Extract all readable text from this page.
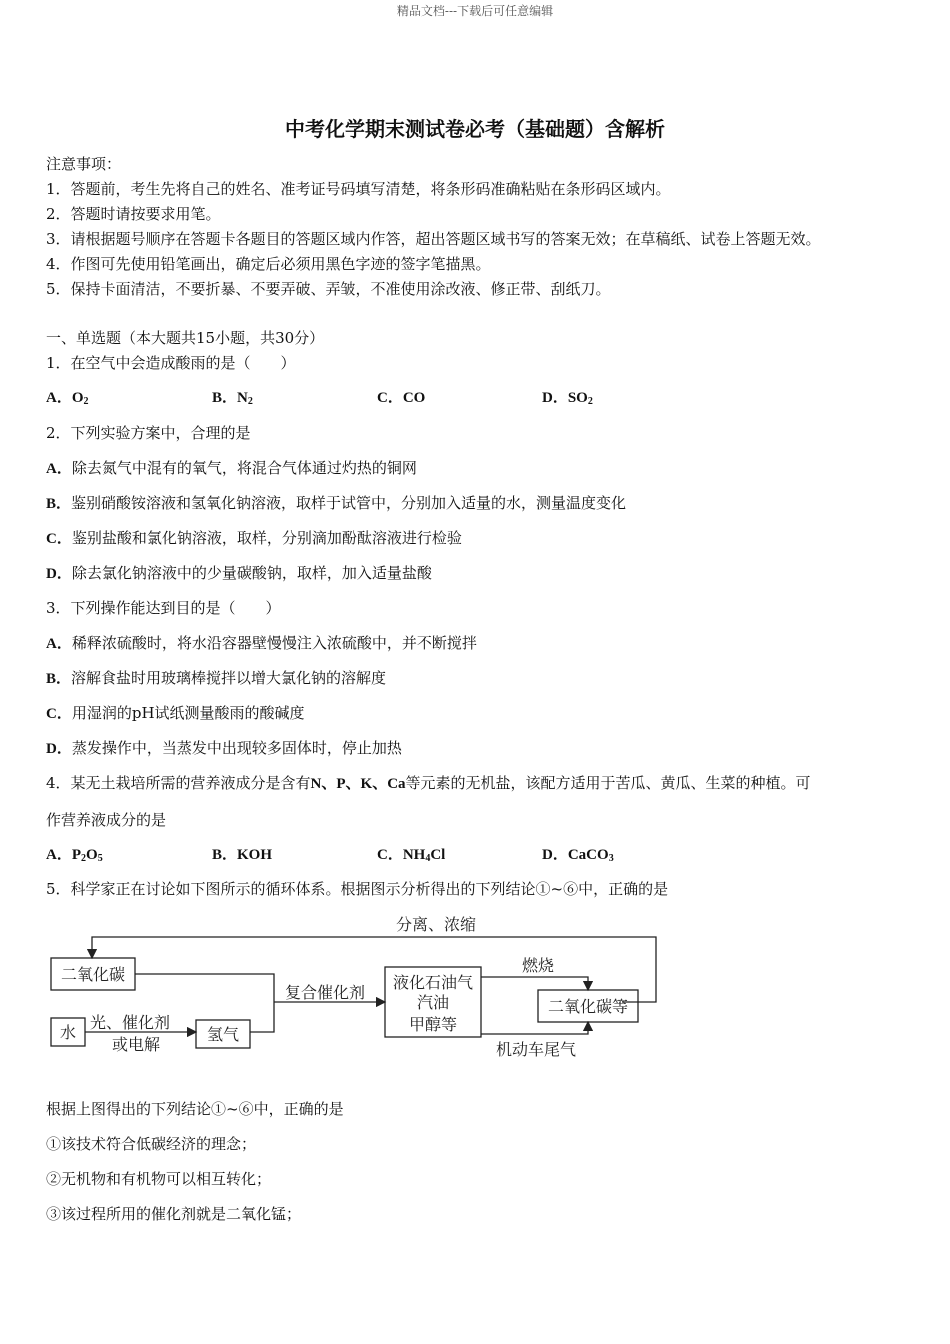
精品文档---下载后可任意编辑
中考化学期末测试卷必考（基础题）含解析
注意事项：
1．答题前，考生先将自己的姓名、准考证号码填写清楚，将条形码准确粘贴在条形码区域内。
2．答题时请按要求用笔。
3．请根据题号顺序在答题卡各题目的答题区域内作答，超出答题区域书写的答案无效；在草稿纸、试卷上答题无效。
4．作图可先使用铅笔画出，确定后必须用黑色字迹的签字笔描黑。
5．保持卡面清洁，不要折暴、不要弄破、弄皱，不准使用涂改液、修正带、刮纸刀。
一、单选题（本大题共15小题，共30分）
1．在空气中会造成酸雨的是（　　）
A．$O_2$	B．$N_2$	C．CO	D．$SO_2$
2．下列实验方案中，合理的是
A．除去氮气中混有的氧气，将混合气体通过灼热的铜网
B．鉴别硝酸铵溶液和氢氧化钠溶液，取样于试管中，分别加入适量的水，测量温度变化
C．鉴别盐酸和氯化钠溶液，取样，分别滴加酚酞溶液进行检验
D．除去氯化钠溶液中的少量碳酸钠，取样，加入适量盐酸
3．下列操作能达到目的是（　　）
A．稀释浓硫酸时，将水沿容器壁慢慢注入浓硫酸中，并不断搅拌
B．溶解食盐时用玻璃棒搅拌以增大氯化钠的溶解度
C．用湿润的pH试纸测量酸雨的酸碱度
D．蒸发操作中，当蒸发中出现较多固体时，停止加热
4．某无土栽培所需的营养液成分是含有N、P、K、Ca等元素的无机盐，该配方适用于苦瓜、黄瓜、生菜的种植。可
作营养液成分的是
A．$P_2O_5$	B．KOH	C．$NH_4Cl$	D．CaCO$_3$
5．科学家正在讨论如下图所示的循环体系。根据图示分析得出的下列结论①~⑥中，正确的是
分离、浓缩
二氧化碳
水
光、催化剂
或电解
氢气
复合催化剂
液化石油气
汽油
甲醇等
燃烧
二氧化碳等
机动车尾气
根据上图得出的下列结论①~⑥中，正确的是
①该技术符合低碳经济的理念；
②无机物和有机物可以相互转化；
③该过程所用的催化剂就是二氧化锰；
